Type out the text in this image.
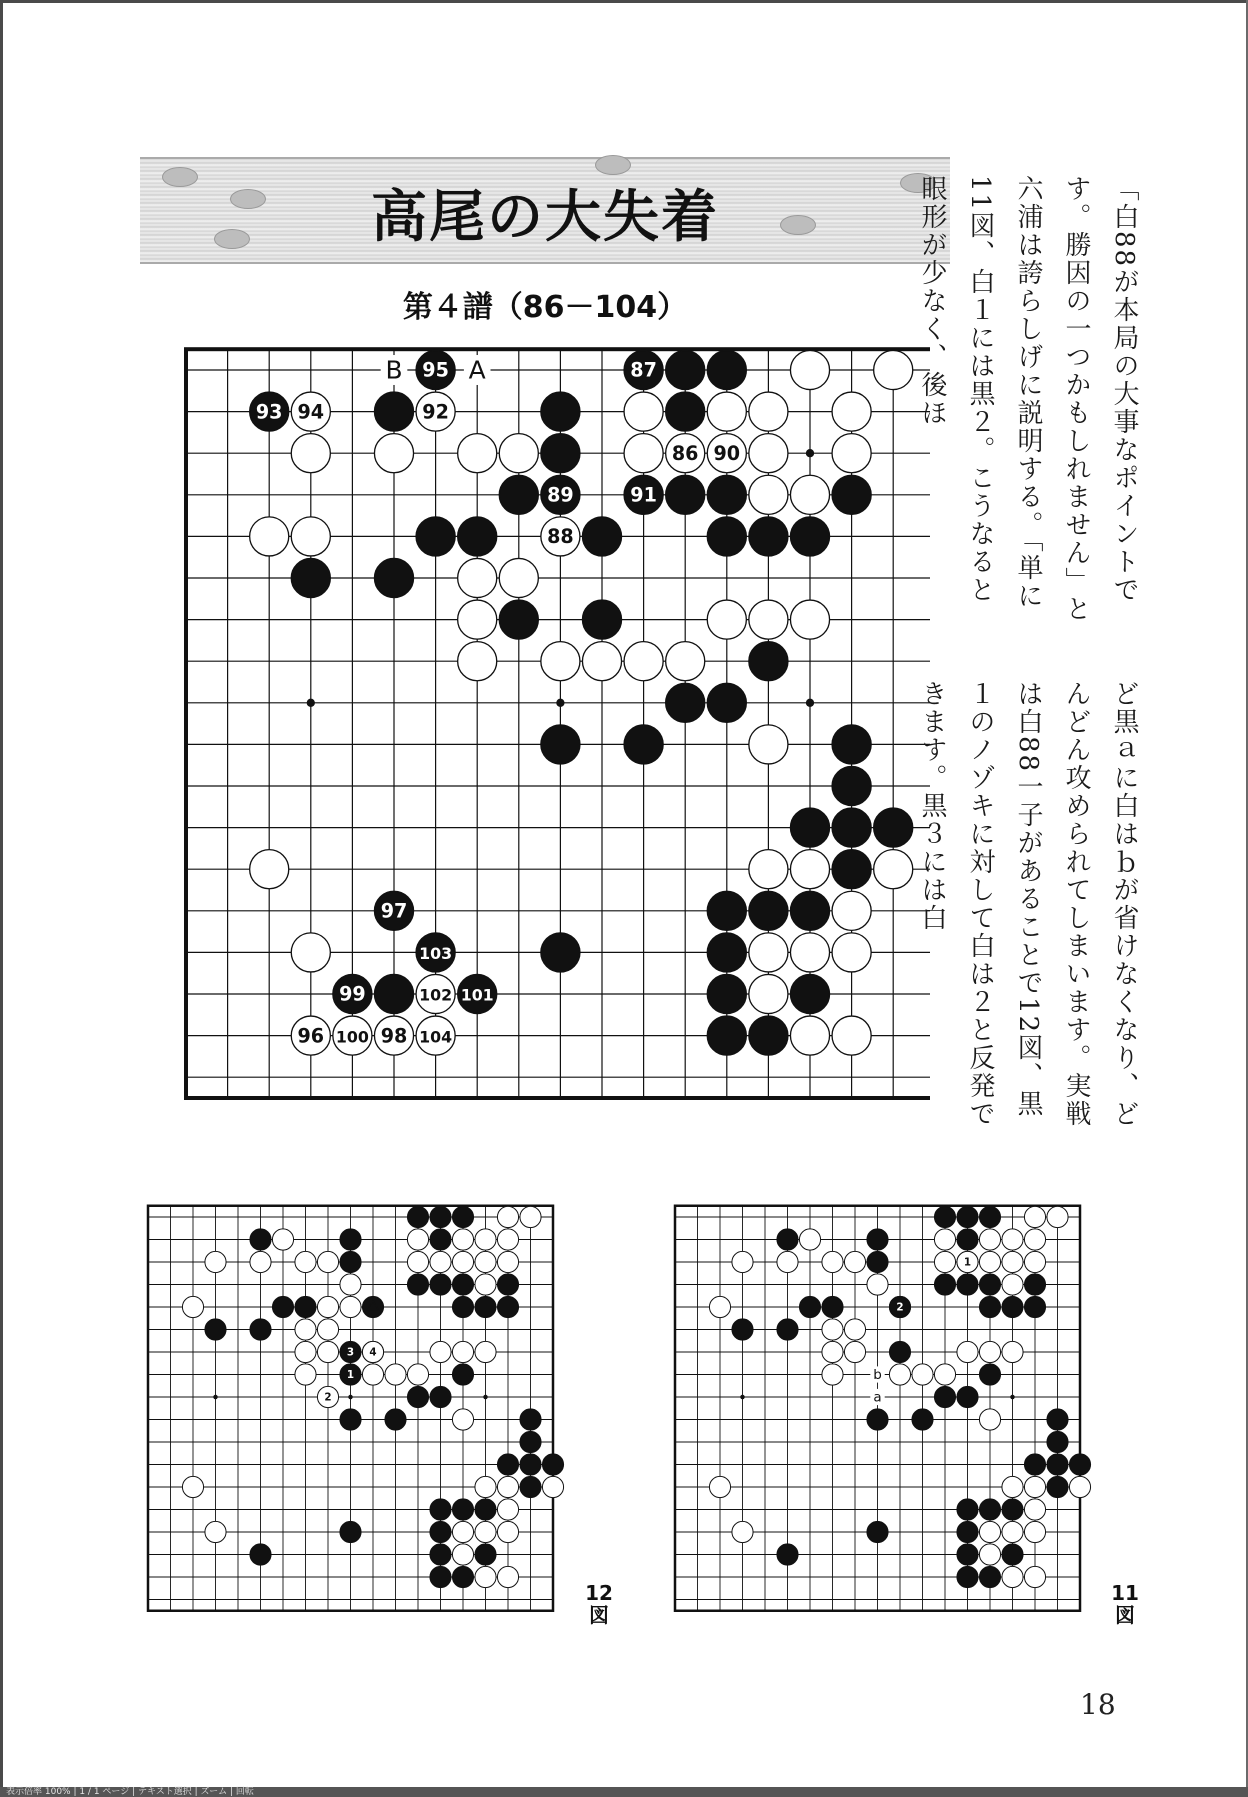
高尾の大失着
第４譜（86－104）
95	87
93 94	92
86 90
89	91
88
97
103
99	102 101
96 100 98 104
B	A
1
2
3 4
1
2
a
b
12
図
11
図
「白88が本局の大事なポイントです。勝因の一つかもしれません」と六浦は誇らしげに説明する。「単に11図、白１には黒２。こうなると眼形が少なく、後ほ
ど黒ａに白はｂが省けなくなり、どんどん攻められてしまいます。実戦は白88一子があることで12図、黒１のノゾキに対して白は２と反発できます。黒３には白
18
表示倍率 100% | 1 / 1 ページ | テキスト選択 | ズーム | 回転
